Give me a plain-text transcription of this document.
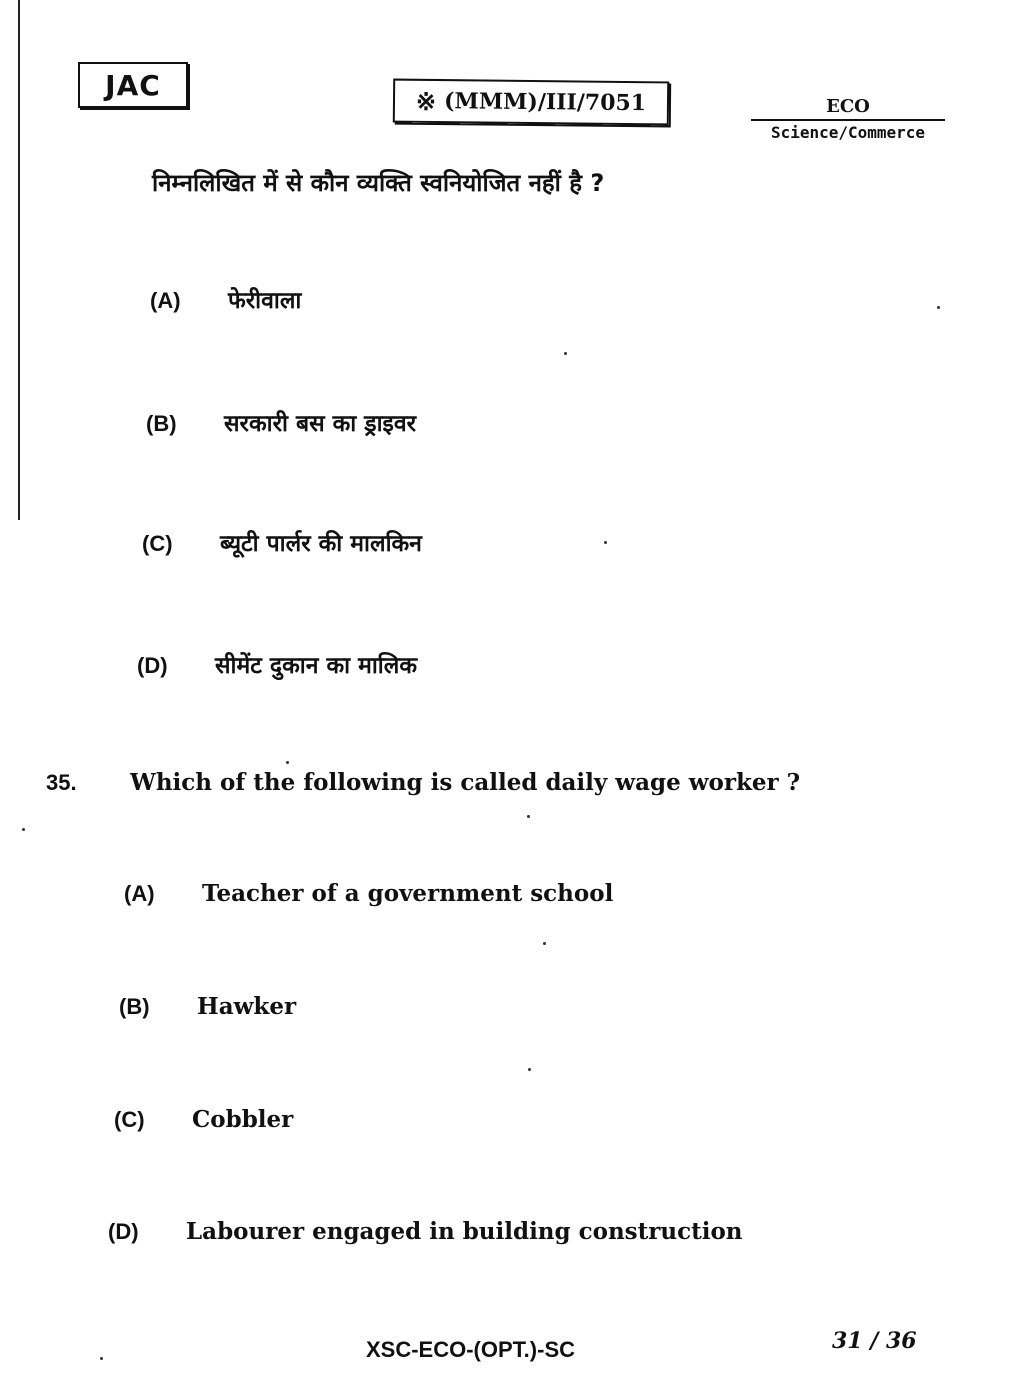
JAC	※ (MMM)/III/7051	ECO
Science/Commerce
निम्नलिखित में से कौन व्यक्ति स्वनियोजित नहीं है ?
(A)	फेरीवाला
(B)	सरकारी बस का ड्राइवर
(C)	ब्यूटी पार्लर की मालकिन
(D)	सीमेंट दुकान का मालिक
35. Which of the following is called daily wage worker ?
(A)	Teacher of a government school
(B)	Hawker
(C)	Cobbler
(D)	Labourer engaged in building construction
XSC-ECO-(OPT.)-SC	31 / 36
